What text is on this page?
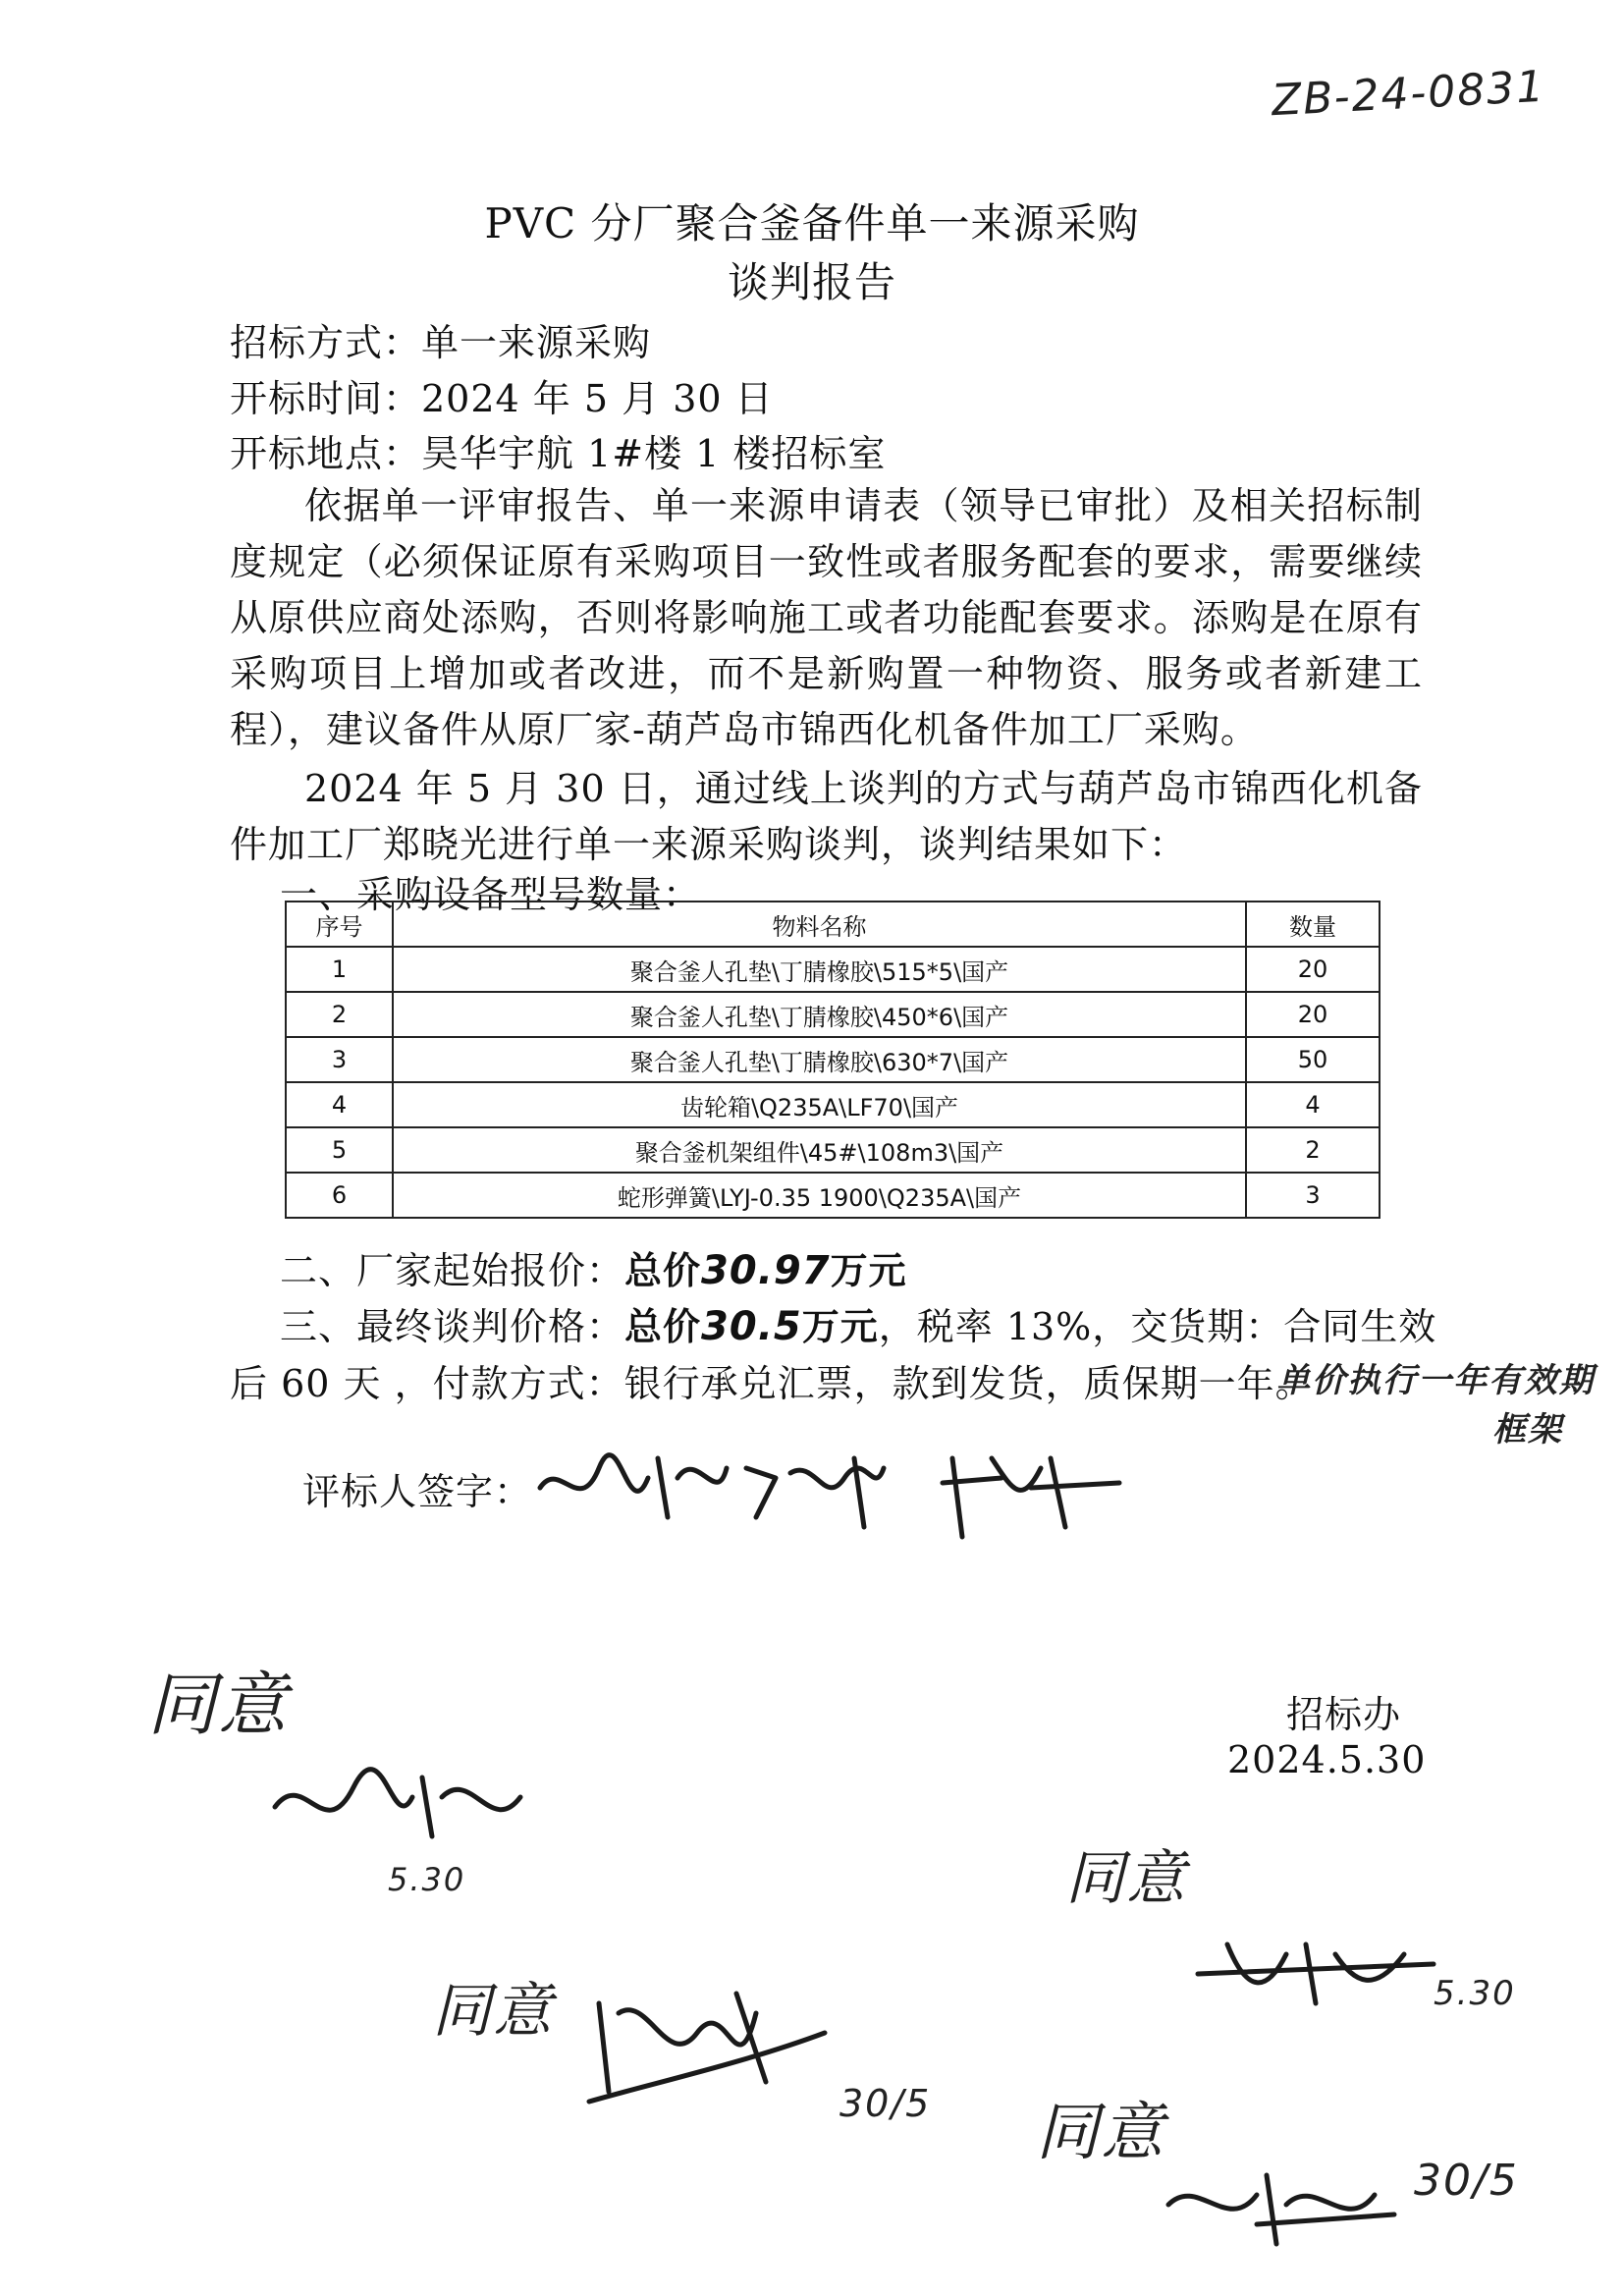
ZB-24-0831
PVC 分厂聚合釜备件单一来源采购
谈判报告
招标方式：单一来源采购
开标时间：2024 年 5 月 30 日
开标地点：昊华宇航 1#楼 1 楼招标室

依据单一评审报告、单一来源申请表（领导已审批）及相关招标制度规定（必须保证原有采购项目一致性或者服务配套的要求，需要继续从原供应商处添购，否则将影响施工或者功能配套要求。添购是在原有采购项目上增加或者改进，而不是新购置一种物资、服务或者新建工程），建议备件从原厂家-葫芦岛市锦西化机备件加工厂采购。

2024 年 5 月 30 日，通过线上谈判的方式与葫芦岛市锦西化机备件加工厂郑晓光进行单一来源采购谈判，谈判结果如下：

一、采购设备型号数量：
序号	物料名称	数量
1	聚合釜人孔垫\丁腈橡胶\515*5\国产	20
2	聚合釜人孔垫\丁腈橡胶\450*6\国产	20
3	聚合釜人孔垫\丁腈橡胶\630*7\国产	50
4	齿轮箱\Q235A\LF70\国产	4
5	聚合釜机架组件\45#\108m3\国产	2
6	蛇形弹簧\LYJ-0.35 1900\Q235A\国产	3
二、厂家起始报价：总价30.97万元
三、最终谈判价格：总价30.5万元，税率 13%，交货期：合同生效
后 60 天 ，付款方式：银行承兑汇票，款到发货，质保期一年。
单价执行一年有效期
框架
评标人签字：
同意
5.30	同意
5.30
同意
30/5 同意
30/5
招标办
2024.5.30
